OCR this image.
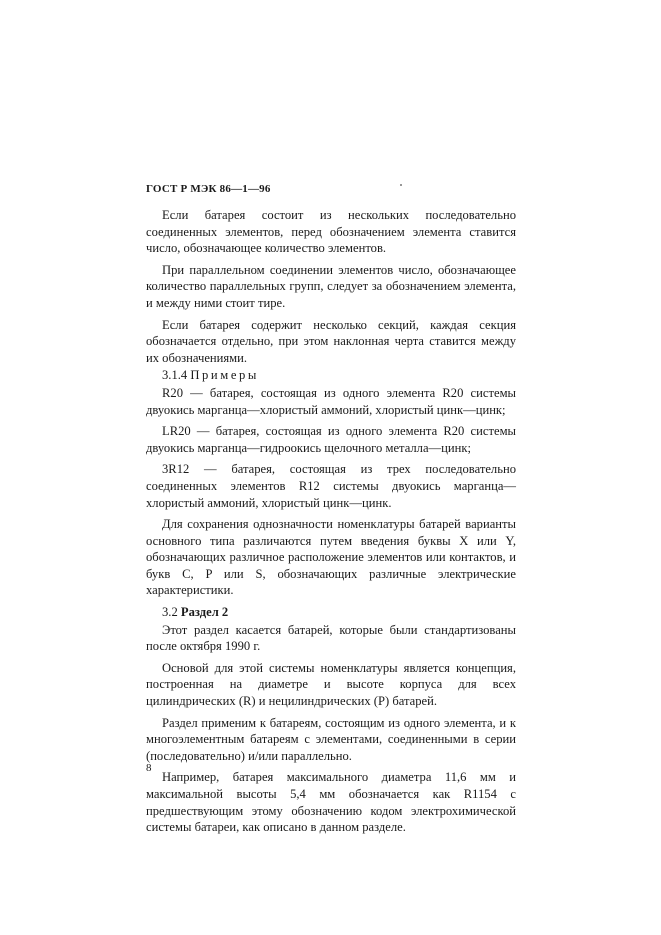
ГОСТ Р МЭК 86—1—96

Если батарея состоит из нескольких последовательно соединенных элементов, перед обозначением элемента ставится число, обозначающее количество элементов.

При параллельном соединении элементов число, обозначающее количество параллельных групп, следует за обозначением элемента, и между ними стоит тире.

Если батарея содержит несколько секций, каждая секция обозначается отдельно, при этом наклонная черта ставится между их обозначениями.

3.1.4 Примеры

R20 — батарея, состоящая из одного элемента R20 системы двуокись марганца—хлористый аммоний, хлористый цинк—цинк;

LR20 — батарея, состоящая из одного элемента R20 системы двуокись марганца—гидроокись щелочного металла—цинк;

3R12 — батарея, состоящая из трех последовательно соединенных элементов R12 системы двуокись марганца—хлористый аммоний, хлористый цинк—цинк.

Для сохранения однозначности номенклатуры батарей варианты основного типа различаются путем введения буквы X или Y, обозначающих различное расположение элементов или контактов, и букв C, P или S, обозначающих различные электрические характеристики.

3.2 Раздел 2

Этот раздел касается батарей, которые были стандартизованы после октября 1990 г.

Основой для этой системы номенклатуры является концепция, построенная на диаметре и высоте корпуса для всех цилиндрических (R) и нецилиндрических (P) батарей.

Раздел применим к батареям, состоящим из одного элемента, и к многоэлементным батареям с элементами, соединенными в серии (последовательно) и/или параллельно.

Например, батарея максимального диаметра 11,6 мм и максимальной высоты 5,4 мм обозначается как R1154 с предшествующим этому обозначению кодом электрохимической системы батареи, как описано в данном разделе.

8
